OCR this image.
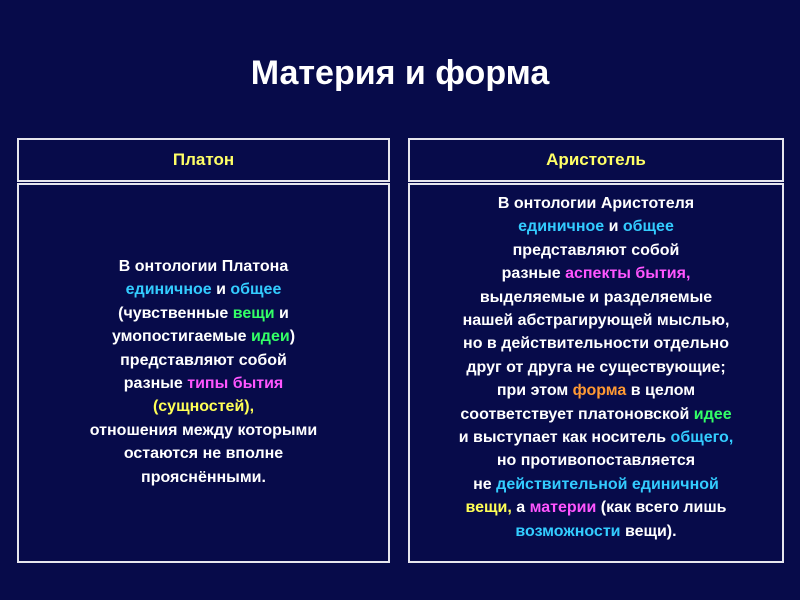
Материя и форма
Платон	Аристотель
В онтологии Платона
единичное и общее
(чувственные вещи и
умопостигаемые идеи)
представляют собой
разные типы бытия
(сущностей),
отношения между которыми
остаются не вполне
прояснёнными.
В онтологии Аристотеля
единичное и общее
представляют собой
разные аспекты бытия,
выделяемые и разделяемые
нашей абстрагирующей мыслью,
но в действительности отдельно
друг от друга не существующие;
при этом форма в целом
соответствует платоновской идее
и выступает как носитель общего,
но противопоставляется
не действительной единичной
вещи, а материи (как всего лишь
возможности вещи).
